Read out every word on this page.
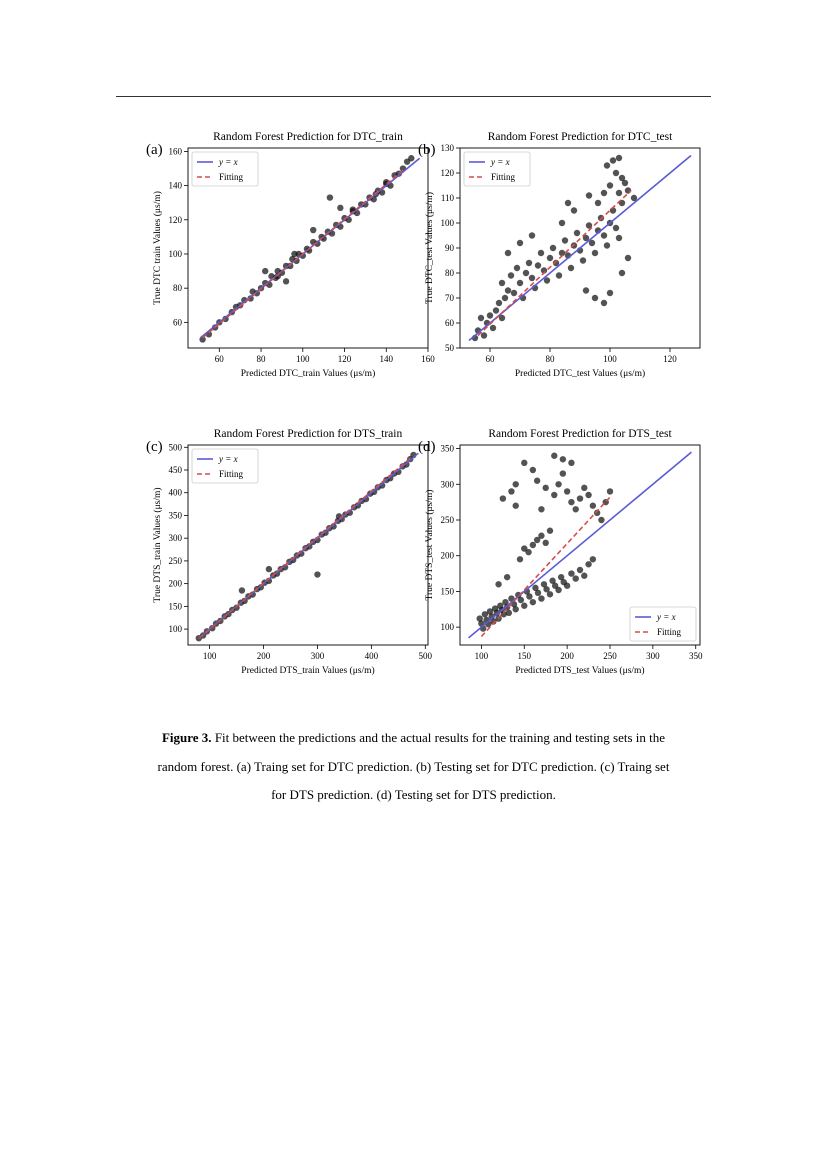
60	80	100	120	140	160
60
80
100
120
140
160
y = x
Fitting
(a)
Random Forest Prediction for DTC_train
Predicted DTC_train Values (μs/m)
True DTC train Values (μs/m)
60	80	100	120
50
60
70
80
90
100
110
120
130
y = x
Fitting
(b)
Random Forest Prediction for DTC_test
Predicted DTC_test Values (μs/m)
True DTC_test Values (μs/m)
100	200	300	400	500
100
150
200
250
300
350
400
450
500
y = x
Fitting
(c)
Random Forest Prediction for DTS_train
Predicted DTS_train Values (μs/m)
True DTS_train Values (μs/m)
100	150	200	250	300	350
100
150
200
250
300
350
y = x
Fitting
(d)
Random Forest Prediction for DTS_test
Predicted DTS_test Values (μs/m)
True DTS_test Values (μs/m)
Figure 3. Fit between the predictions and the actual results for the training and testing sets in the random forest. (a) Traing set for DTC prediction. (b) Testing set for DTC prediction. (c) Traing set for DTS prediction. (d) Testing set for DTS prediction.
